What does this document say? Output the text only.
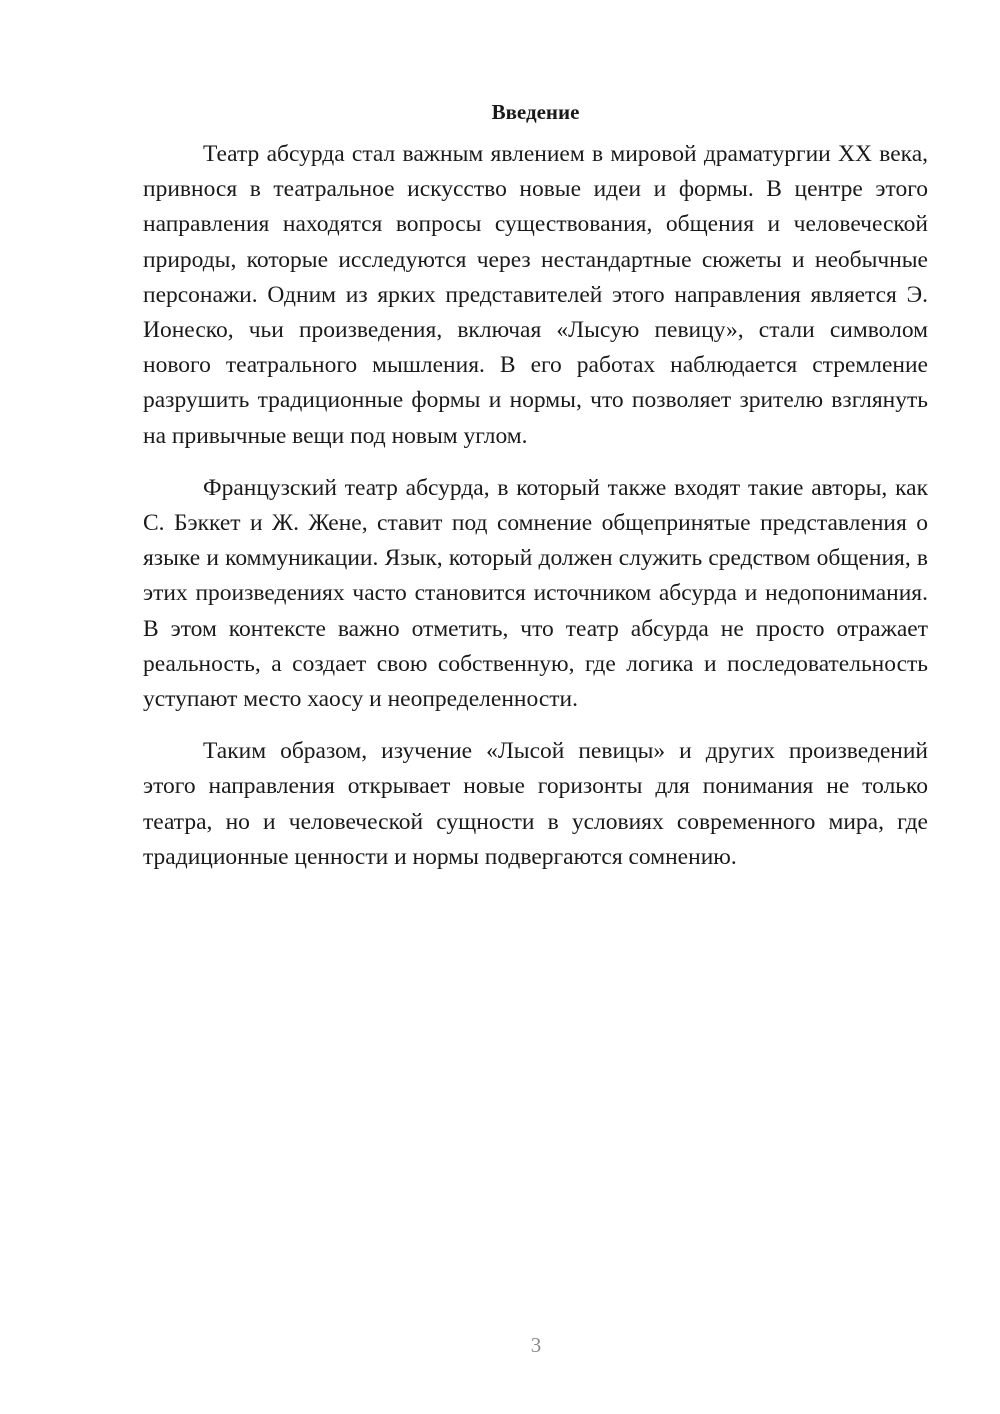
Введение

Театр абсурда стал важным явлением в мировой драматургии XX века, привнося в театральное искусство новые идеи и формы. В центре этого направления находятся вопросы существования, общения и человеческой природы, которые исследуются через нестандартные сюжеты и необычные персонажи. Одним из ярких представителей этого направления является Э. Ионеско, чьи произведения, включая «Лысую певицу», стали символом нового театрального мышления. В его работах наблюдается стремление разрушить традиционные формы и нормы, что позволяет зрителю взглянуть на привычные вещи под новым углом.

Французский театр абсурда, в который также входят такие авторы, как С. Бэккет и Ж. Жене, ставит под сомнение общепринятые представления о языке и коммуникации. Язык, который должен служить средством общения, в этих произведениях часто становится источником абсурда и недопонимания. В этом контексте важно отметить, что театр абсурда не просто отражает реальность, а создает свою собственную, где логика и последовательность уступают место хаосу и неопределенности.

Таким образом, изучение «Лысой певицы» и других произведений этого направления открывает новые горизонты для понимания не только театра, но и человеческой сущности в условиях современного мира, где традиционные ценности и нормы подвергаются сомнению.

3
